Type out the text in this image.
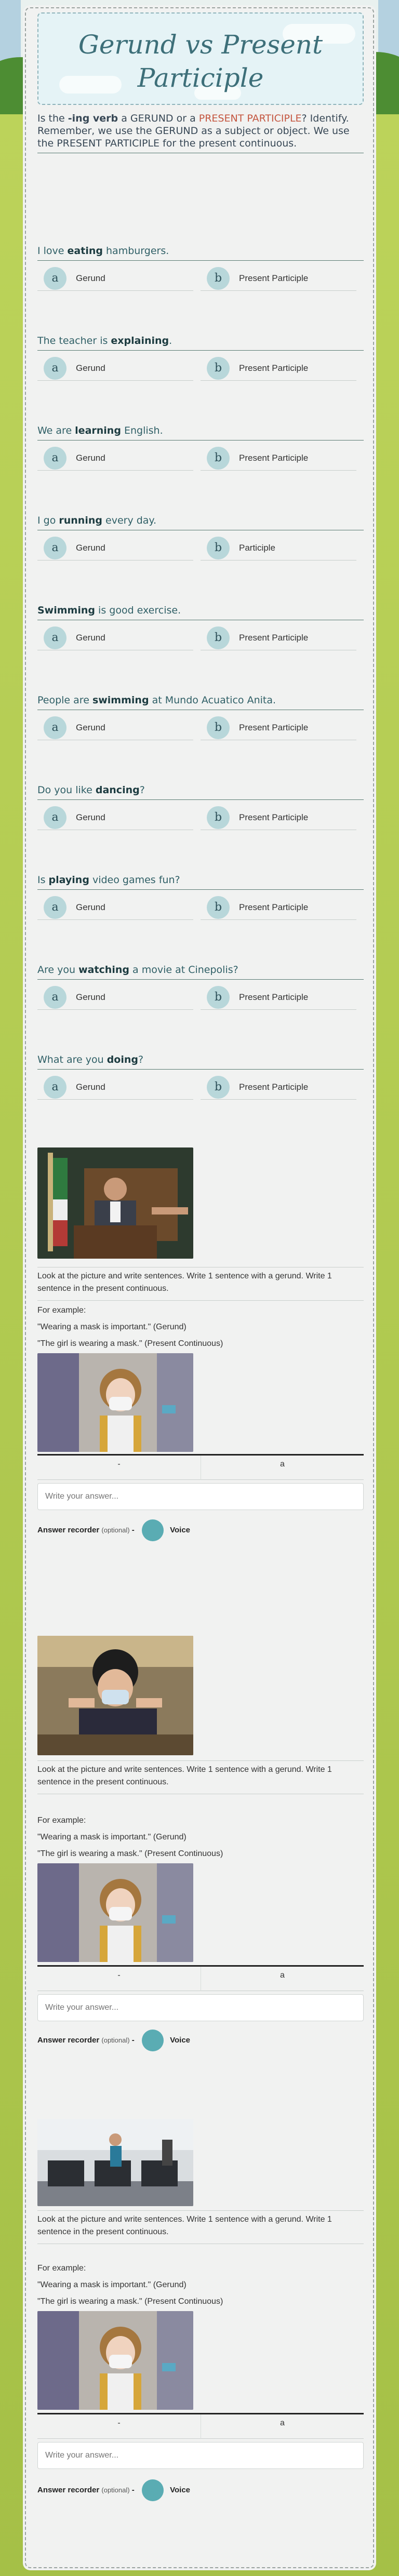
Gerund vs Present Participle

Is the -ing verb a GERUND or a PRESENT PARTICIPLE? Identify. Remember, we use the GERUND as a subject or object. We use the PRESENT PARTICIPLE for the present continuous.

I love eating hamburgers.
a	Gerund	b	Present Participle
The teacher is explaining.
a	Gerund	b	Present Participle
We are learning English.
a	Gerund	b	Present Participle
I go running every day.
a	Gerund	b	Participle
Swimming is good exercise.
a	Gerund	b	Present Participle
People are swimming at Mundo Acuatico Anita.
a	Gerund	b	Present Participle
Do you like dancing?
a	Gerund	b	Present Participle
Is playing video games fun?
a	Gerund	b	Present Participle
Are you watching a movie at Cinepolis?
a	Gerund	b	Present Participle
What are you doing?
a	Gerund	b	Present Participle

Look at the picture and write sentences. Write 1 sentence with a gerund. Write 1 sentence in the present continuous.

For example:

"Wearing a mask is important." (Gerund)

"The girl is wearing a mask." (Present Continuous)

-	a
Write your answer...
Answer recorder (optional) -	Voice

Look at the picture and write sentences. Write 1 sentence with a gerund. Write 1 sentence in the present continuous.

For example:

"Wearing a mask is important." (Gerund)

"The girl is wearing a mask." (Present Continuous)

-	a
Write your answer...
Answer recorder (optional) -	Voice

Look at the picture and write sentences. Write 1 sentence with a gerund. Write 1 sentence in the present continuous.

For example:

"Wearing a mask is important." (Gerund)

"The girl is wearing a mask." (Present Continuous)

-	a
Write your answer...
Answer recorder (optional) -	Voice
